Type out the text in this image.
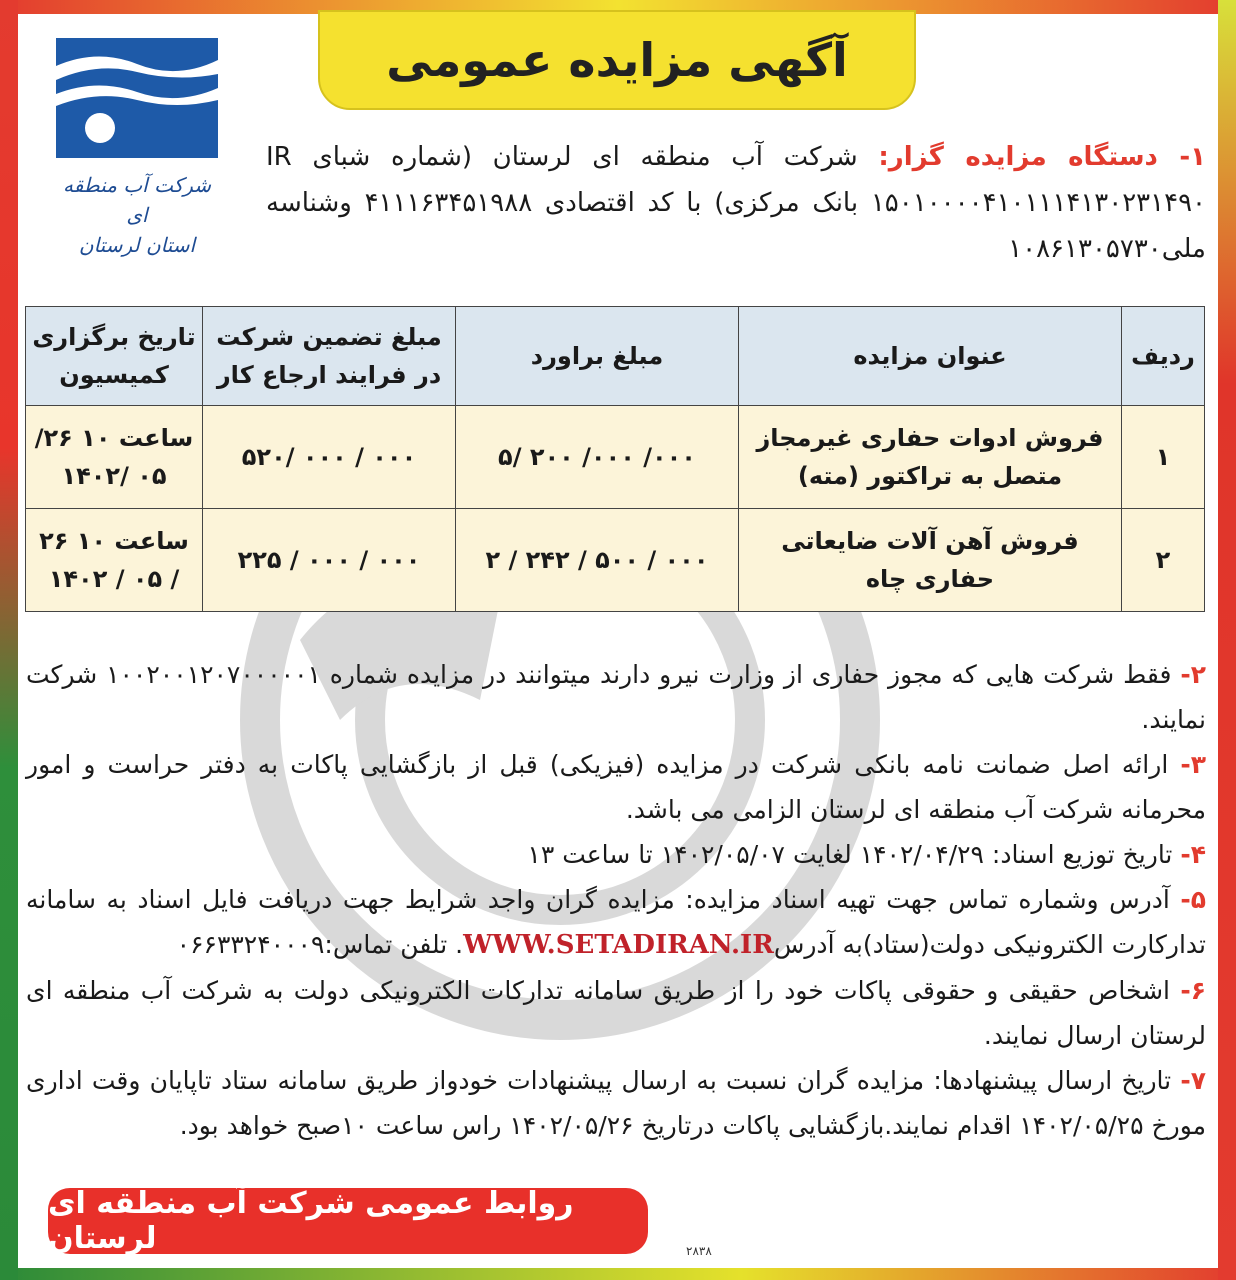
آگهی مزایده عمومی
شرکت آب منطقه ای
استان لرستان
۱- دستگاه مزایده گزار: شرکت آب منطقه ای لرستان (شماره شبای IR ۱۵۰۱۰۰۰۰۴۱۰۱۱۱۴۱۳۰۲۳۱۴۹۰ بانک مرکزی) با کد اقتصادی ۴۱۱۱۶۳۴۵۱۹۸۸ وشناسه ملی۱۰۸۶۱۳۰۵۷۳۰
ردیف	عنوان مزایده	مبلغ براورد	مبلغ تضمین شرکت در فرایند ارجاع کار	تاریخ برگزاری کمیسیون
۱	فروش ادوات حفاری غیرمجاز متصل به تراکتور (مته)	۰۰۰/ ۰۰۰/ ۲۰۰ /۵	۰۰۰ / ۰۰۰ /۵۲۰	ساعت ۱۰ ۲۶/ ۰۵ /۱۴۰۲
۲	فروش آهن آلات ضایعاتی حفاری چاه	۰۰۰ / ۵۰۰ / ۲۴۲ / ۲	۰۰۰ / ۰۰۰ / ۲۲۵	ساعت ۱۰ ۲۶ / ۰۵ / ۱۴۰۲

۲- فقط شرکت هایی که مجوز حفاری از وزارت نیرو دارند میتوانند در مزایده شماره ۱۰۰۲۰۰۱۲۰۷۰۰۰۰۰۱ شرکت نمایند.

۳- ارائه اصل ضمانت نامه بانکی شرکت در مزایده (فیزیکی) قبل از بازگشایی پاکات به دفتر حراست و امور محرمانه شرکت آب منطقه ای لرستان الزامی می باشد.

۴- تاریخ توزیع اسناد: ۱۴۰۲/۰۴/۲۹ لغایت ۱۴۰۲/۰۵/۰۷ تا ساعت ۱۳

۵- آدرس وشماره تماس جهت تهیه اسناد مزایده: مزایده گران واجد شرایط جهت دریافت فایل اسناد به سامانه تدارکارت الکترونیکی دولت(ستاد)به آدرسWWW.SETADIRAN.IR. تلفن تماس:۰۶۶۳۳۲۴۰۰۰۹

۶- اشخاص حقیقی و حقوقی پاکات خود را از طریق سامانه تدارکات الکترونیکی دولت به شرکت آب منطقه ای لرستان ارسال نمایند.

۷- تاریخ ارسال پیشنهادها: مزایده گران نسبت به ارسال پیشنهادات خودواز طریق سامانه ستاد تاپایان وقت اداری مورخ ۱۴۰۲/۰۵/۲۵ اقدام نمایند.بازگشایی پاکات درتاریخ ۱۴۰۲/۰۵/۲۶ راس ساعت ۱۰صبح خواهد بود.

روابط عمومی شرکت آب منطقه ای لرستان	۲۸۳۸
